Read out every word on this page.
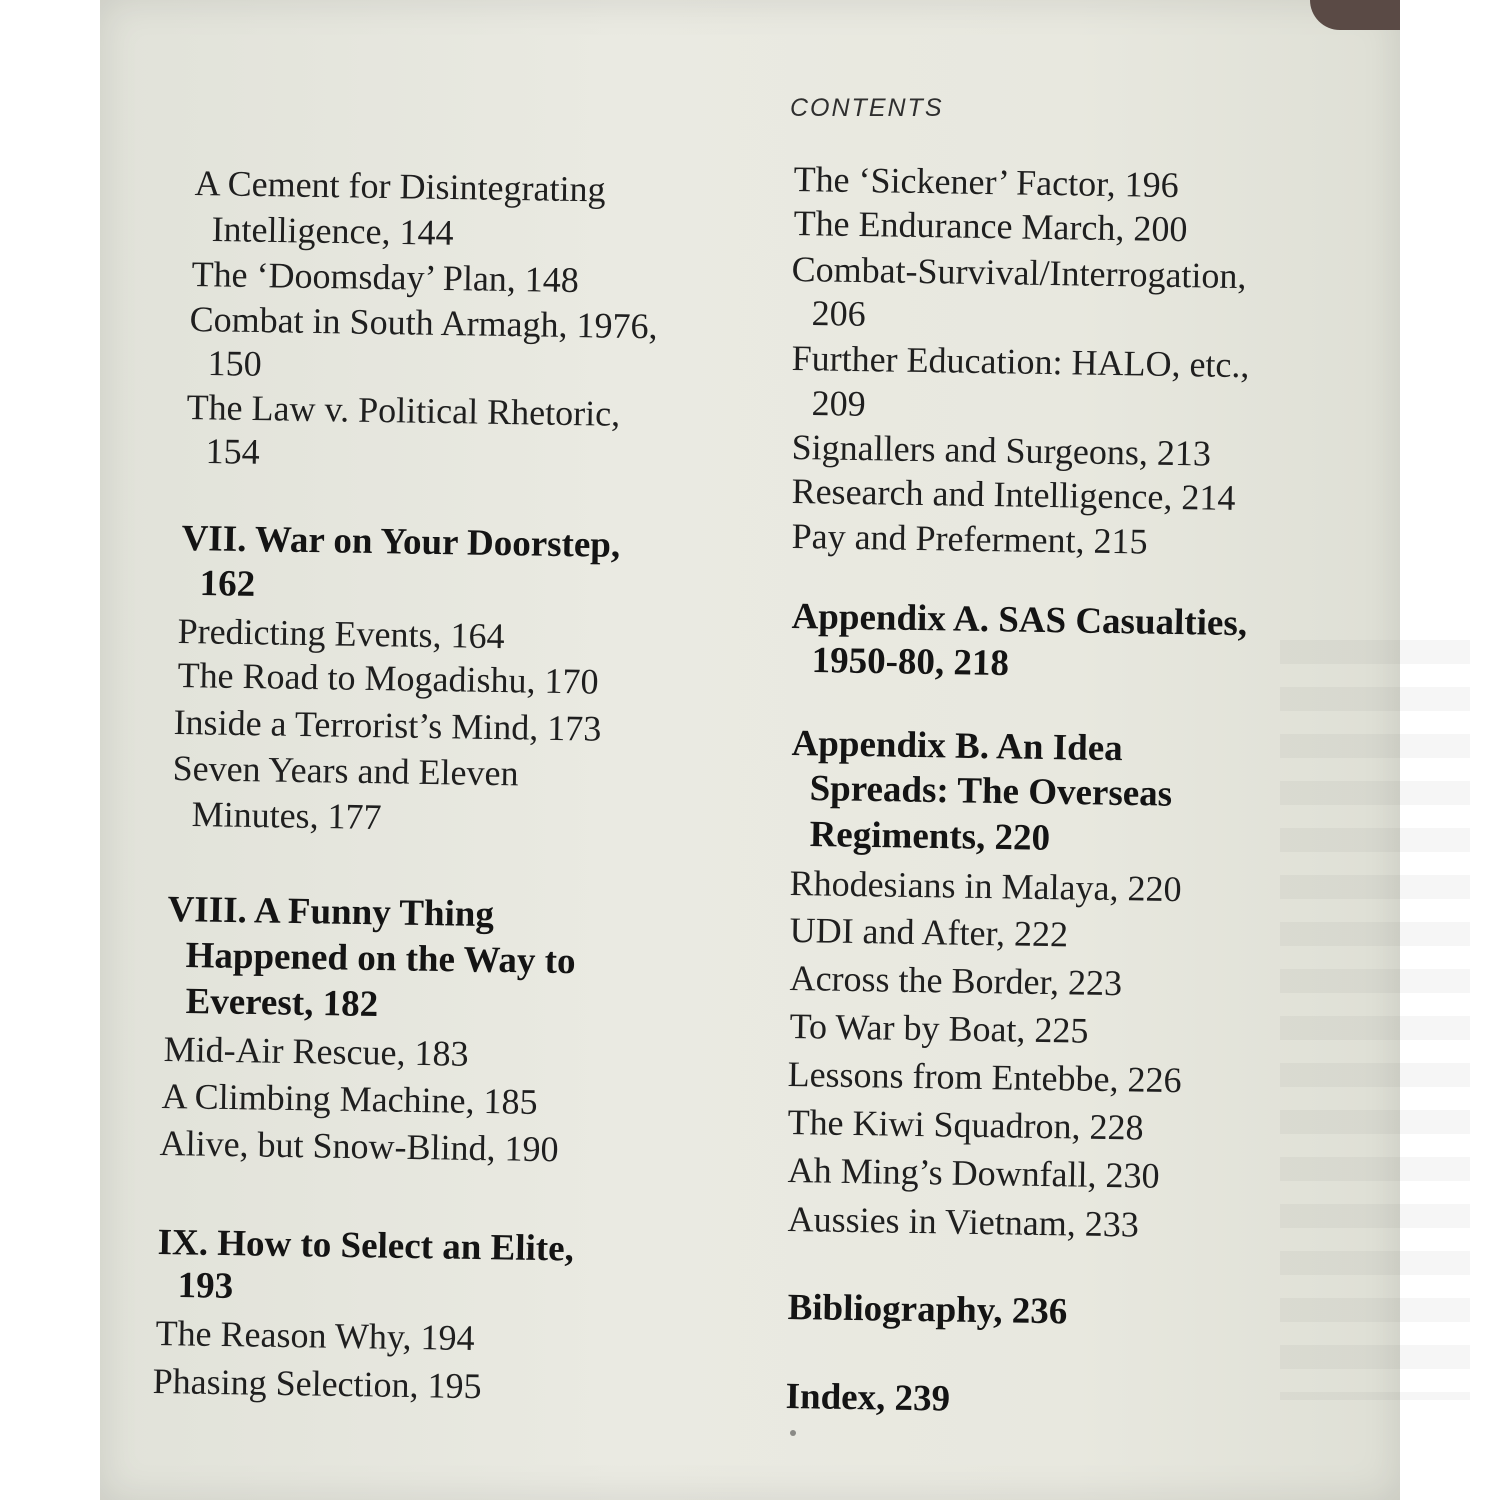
CONTENTS
A Cement for Disintegrating
Intelligence, 144
The ‘Doomsday’ Plan, 148
Combat in South Armagh, 1976,
150
The Law v. Political Rhetoric,
154
VII. War on Your Doorstep,
162
Predicting Events, 164
The Road to Mogadishu, 170
Inside a Terrorist’s Mind, 173
Seven Years and Eleven
Minutes, 177
VIII. A Funny Thing
Happened on the Way to
Everest, 182
Mid-Air Rescue, 183
A Climbing Machine, 185
Alive, but Snow-Blind, 190
IX. How to Select an Elite,
193
The Reason Why, 194
Phasing Selection, 195
The ‘Sickener’ Factor, 196
The Endurance March, 200
Combat-Survival/Interrogation,
206
Further Education: HALO, etc.,
209
Signallers and Surgeons, 213
Research and Intelligence, 214
Pay and Preferment, 215
Appendix A. SAS Casualties,
1950-80, 218
Appendix B. An Idea
Spreads: The Overseas
Regiments, 220
Rhodesians in Malaya, 220
UDI and After, 222
Across the Border, 223
To War by Boat, 225
Lessons from Entebbe, 226
The Kiwi Squadron, 228
Ah Ming’s Downfall, 230
Aussies in Vietnam, 233
Bibliography, 236
Index, 239
